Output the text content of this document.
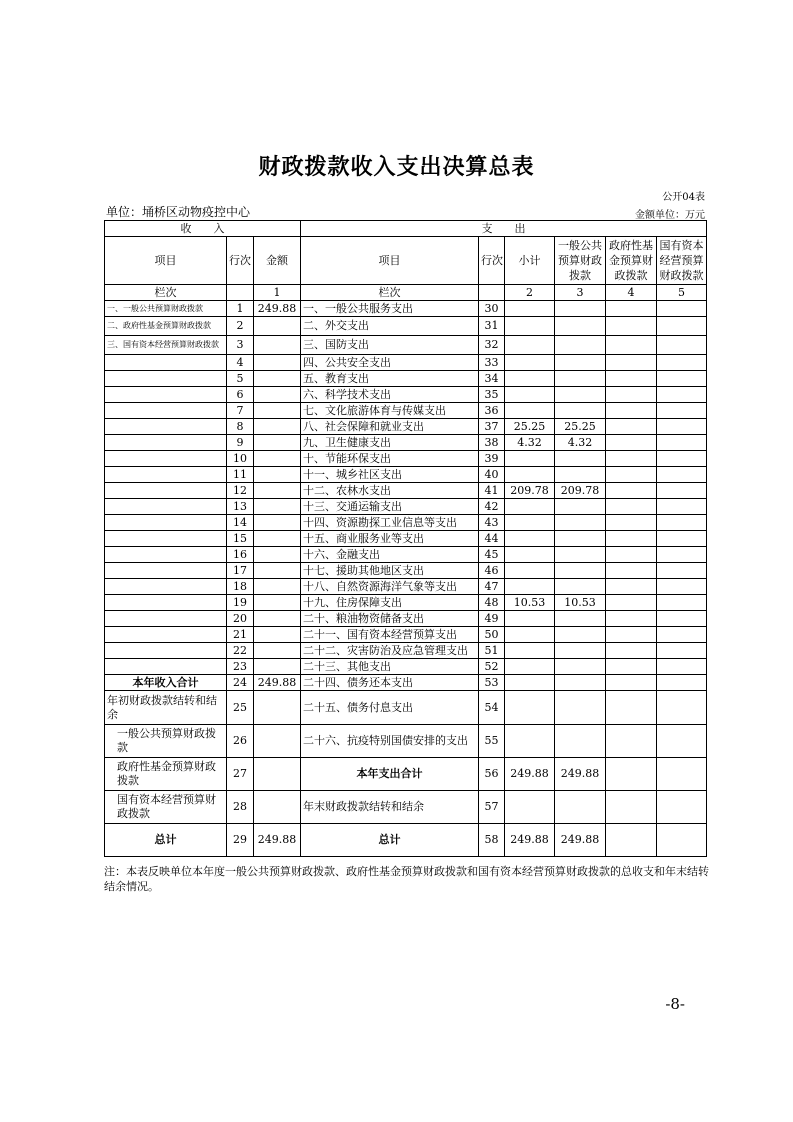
财政拨款收入支出决算总表
公开04表
单位：埇桥区动物疫控中心	金额单位：万元
收　　入			支　　出					
项目	行次	金额	项目	行次	小计	一般公共预算财政拨款	政府性基金预算财政拨款	国有资本经营预算财政拨款
栏次		1	栏次		2	3	4	5
一、一般公共预算财政拨款	1	249.88	一、一般公共服务支出	30				
二、政府性基金预算财政拨款	2		二、外交支出	31				
三、国有资本经营预算财政拨款	3		三、国防支出	32				
	4		四、公共安全支出	33				
	5		五、教育支出	34				
	6		六、科学技术支出	35				
	7		七、文化旅游体育与传媒支出	36				
	8		八、社会保障和就业支出	37	25.25	25.25		
	9		九、卫生健康支出	38	4.32	4.32		
	10		十、节能环保支出	39				
	11		十一、城乡社区支出	40				
	12		十二、农林水支出	41	209.78	209.78		
	13		十三、交通运输支出	42				
	14		十四、资源勘探工业信息等支出	43				
	15		十五、商业服务业等支出	44				
	16		十六、金融支出	45				
	17		十七、援助其他地区支出	46				
	18		十八、自然资源海洋气象等支出	47				
	19		十九、住房保障支出	48	10.53	10.53		
	20		二十、粮油物资储备支出	49				
	21		二十一、国有资本经营预算支出	50				
	22		二十二、灾害防治及应急管理支出	51				
	23		二十三、其他支出	52				
本年收入合计	24	249.88	二十四、债务还本支出	53				
年初财政拨款结转和结余	25		二十五、债务付息支出	54				
一般公共预算财政拨款	26		二十六、抗疫特别国债安排的支出	55				
政府性基金预算财政拨款	27		本年支出合计	56	249.88	249.88		
国有资本经营预算财政拨款	28		年末财政拨款结转和结余	57				
总计	29	249.88	总计	58	249.88	249.88		
注：本表反映单位本年度一般公共预算财政拨款、政府性基金预算财政拨款和国有资本经营预算财政拨款的总收支和年末结转结余情况。
-8-
